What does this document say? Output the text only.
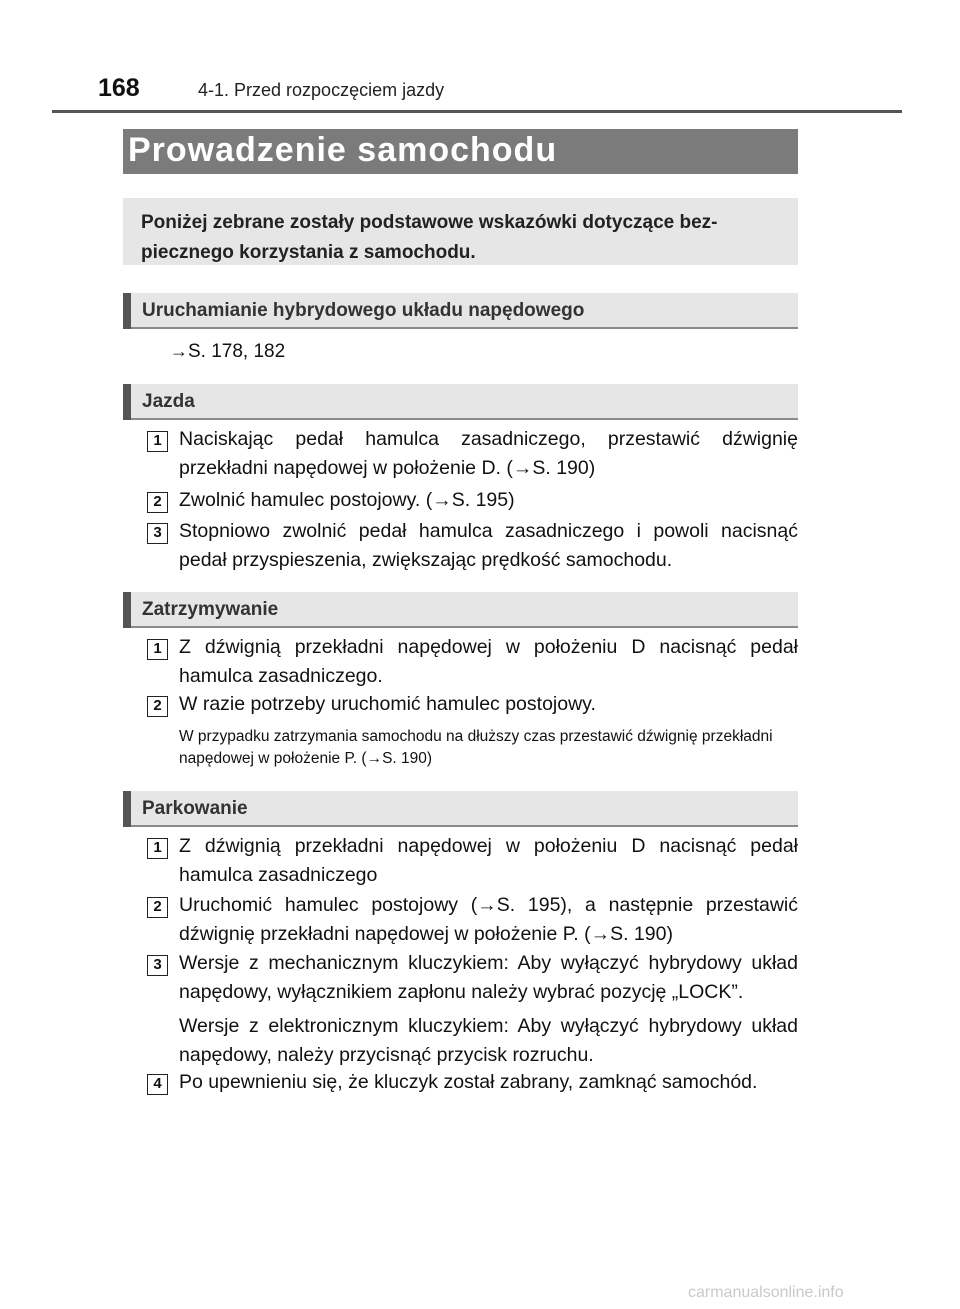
168	4-1. Przed rozpoczęciem jazdy
Prowadzenie samochodu
Poniżej zebrane zostały podstawowe wskazówki dotyczące bez-
piecznego korzystania z samochodu.
Uruchamianie hybrydowego układu napędowego
→S. 178, 182
Jazda
1 Naciskając pedał hamulca zasadniczego, przestawić dźwignię przekładni napędowej w położenie D. (→S. 190)
2 Zwolnić hamulec postojowy. (→S. 195)
3 Stopniowo zwolnić pedał hamulca zasadniczego i powoli nacisnąć pedał przyspieszenia, zwiększając prędkość samochodu.
Zatrzymywanie
1 Z dźwignią przekładni napędowej w położeniu D nacisnąć pedał hamulca zasadniczego.
2 W razie potrzeby uruchomić hamulec postojowy.
W przypadku zatrzymania samochodu na dłuższy czas przestawić dźwignię przekładni napędowej w położenie P. (→S. 190)
Parkowanie
1 Z dźwignią przekładni napędowej w położeniu D nacisnąć pedał hamulca zasadniczego
2 Uruchomić hamulec postojowy (→S. 195), a następnie przestawić dźwignię przekładni napędowej w położenie P. (→S. 190)
3 Wersje z mechanicznym kluczykiem: Aby wyłączyć hybrydowy układ napędowy, wyłącznikiem zapłonu należy wybrać pozycję „LOCK”.
Wersje z elektronicznym kluczykiem: Aby wyłączyć hybrydowy układ napędowy, należy przycisnąć przycisk rozruchu.
4 Po upewnieniu się, że kluczyk został zabrany, zamknąć samochód.
carmanualsonline.info
